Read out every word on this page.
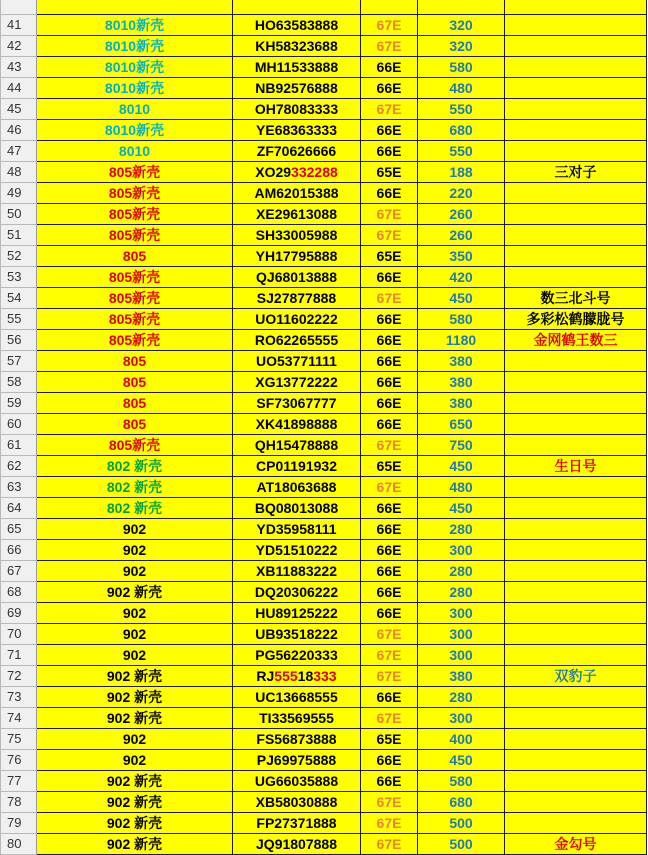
41	8010新壳	HO63583888	67E	320	
42	8010新壳	KH58323688	67E	320	
43	8010新壳	MH11533888	66E	580	
44	8010新壳	NB92576888	66E	480	
45	8010	OH78083333	67E	550	
46	8010新壳	YE68363333	66E	680	
47	8010	ZF70626666	66E	550	
48	805新壳	XO29332288	65E	188	三对子
49	805新壳	AM62015388	66E	220	
50	805新壳	XE29613088	67E	260	
51	805新壳	SH33005988	67E	260	
52	805	YH17795888	65E	350	
53	805新壳	QJ68013888	66E	420	
54	805新壳	SJ27877888	67E	450	数三北斗号
55	805新壳	UO11602222	66E	580	多彩松鹤朦胧号
56	805新壳	RO62265555	66E	1180	金网鹤王数三
57	805	UO53771111	66E	380	
58	805	XG13772222	66E	380	
59	805	SF73067777	66E	380	
60	805	XK41898888	66E	650	
61	805新壳	QH15478888	67E	750	
62	802 新壳	CP01191932	65E	450	生日号
63	802 新壳	AT18063688	67E	480	
64	802 新壳	BQ08013088	66E	450	
65	902	YD35958111	66E	280	
66	902	YD51510222	66E	300	
67	902	XB11883222	66E	280	
68	902 新壳	DQ20306222	66E	280	
69	902	HU89125222	66E	300	
70	902	UB93518222	67E	300	
71	902	PG56220333	67E	300	
72	902 新壳	RJ55518333	67E	380	双豹子
73	902 新壳	UC13668555	66E	280	
74	902 新壳	TI33569555	67E	300	
75	902	FS56873888	65E	400	
76	902	PJ69975888	66E	450	
77	902 新壳	UG66035888	66E	580	
78	902 新壳	XB58030888	67E	680	
79	902 新壳	FP27371888	67E	500	
80	902 新壳	JQ91807888	67E	500	金勾号
